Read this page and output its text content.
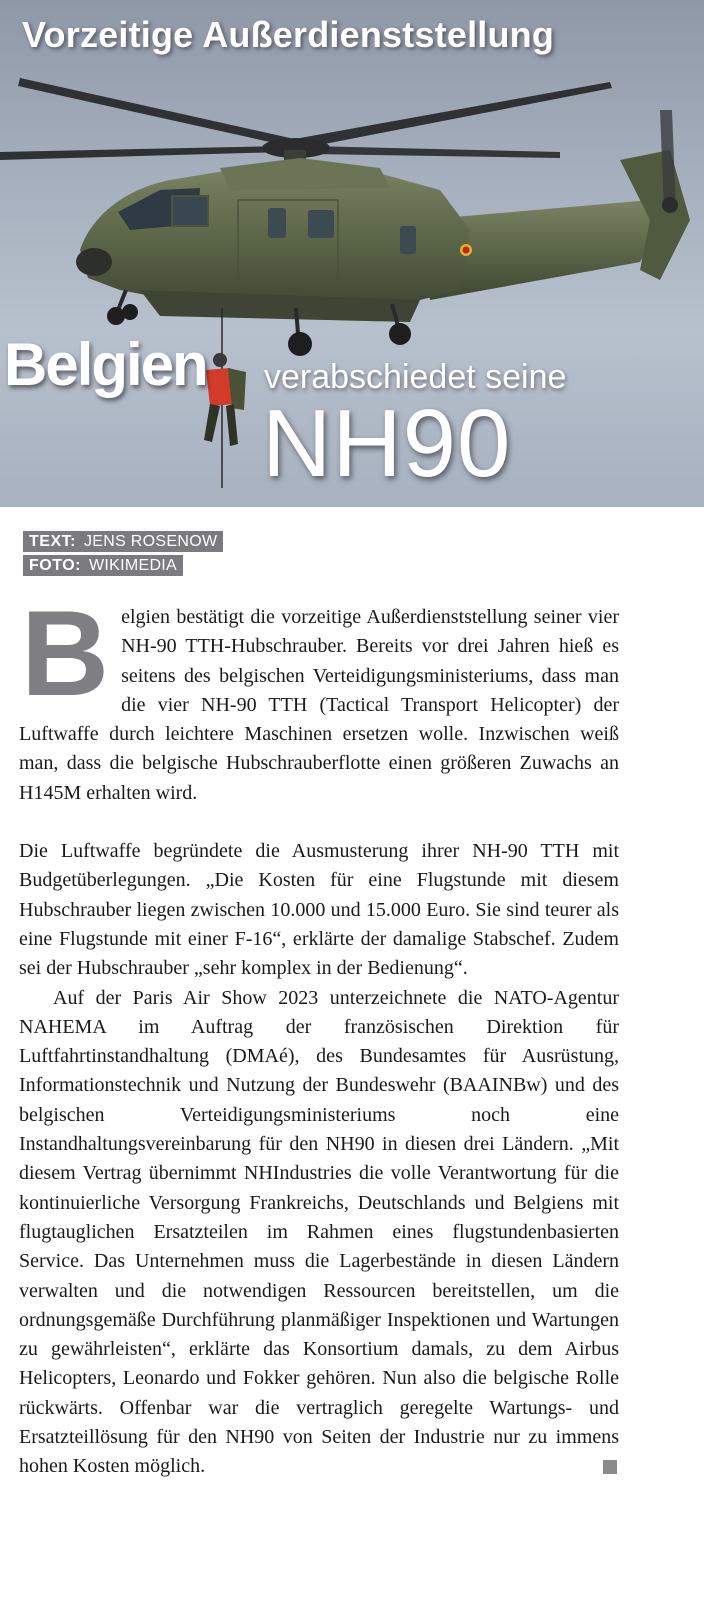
Vorzeitige Außerdienststellung
Belgien verabschiedet seine
NH90
TEXT: JENS ROSENOW
FOTO: WIKIMEDIA

Belgien bestätigt die vorzeitige Außerdienststellung seiner vier NH-90 TTH-Hubschrauber. Bereits vor drei Jahren hieß es seitens des belgischen Verteidigungsministeriums, dass man die vier NH-90 TTH (Tactical Transport Helicopter) der Luftwaffe durch leichtere Maschinen ersetzen wolle. Inzwischen weiß man, dass die belgische Hubschrauberflotte einen größeren Zuwachs an H145M erhalten wird.

Die Luftwaffe begründete die Ausmusterung ihrer NH-90 TTH mit Budgetüberlegungen. „Die Kosten für eine Flugstunde mit diesem Hubschrauber liegen zwischen 10.000 und 15.000 Euro. Sie sind teurer als eine Flugstunde mit einer F-16“, erklärte der damalige Stabschef. Zudem sei der Hubschrauber „sehr komplex in der Bedienung“.

Auf der Paris Air Show 2023 unterzeichnete die NATO-Agentur NAHEMA im Auftrag der französischen Direktion für Luftfahrtinstandhaltung (DMAé), des Bundesamtes für Ausrüstung, Informationstechnik und Nutzung der Bundeswehr (BAAINBw) und des belgischen Verteidigungsministeriums noch eine Instandhaltungsvereinbarung für den NH90 in diesen drei Ländern. „Mit diesem Vertrag übernimmt NHIndustries die volle Verantwortung für die kontinuierliche Versorgung Frankreichs, Deutschlands und Belgiens mit flugtauglichen Ersatzteilen im Rahmen eines flugstundenbasierten Service. Das Unternehmen muss die Lagerbestände in diesen Ländern verwalten und die notwendigen Ressourcen bereitstellen, um die ordnungsgemäße Durchführung planmäßiger Inspektionen und Wartungen zu gewährleisten“, erklärte das Konsortium damals, zu dem Airbus Helicopters, Leonardo und Fokker gehören. Nun also die belgische Rolle rückwärts. Offenbar war die vertraglich geregelte Wartungs- und Ersatzteillösung für den NH90 von Seiten der Industrie nur zu immens hohen Kosten möglich.
